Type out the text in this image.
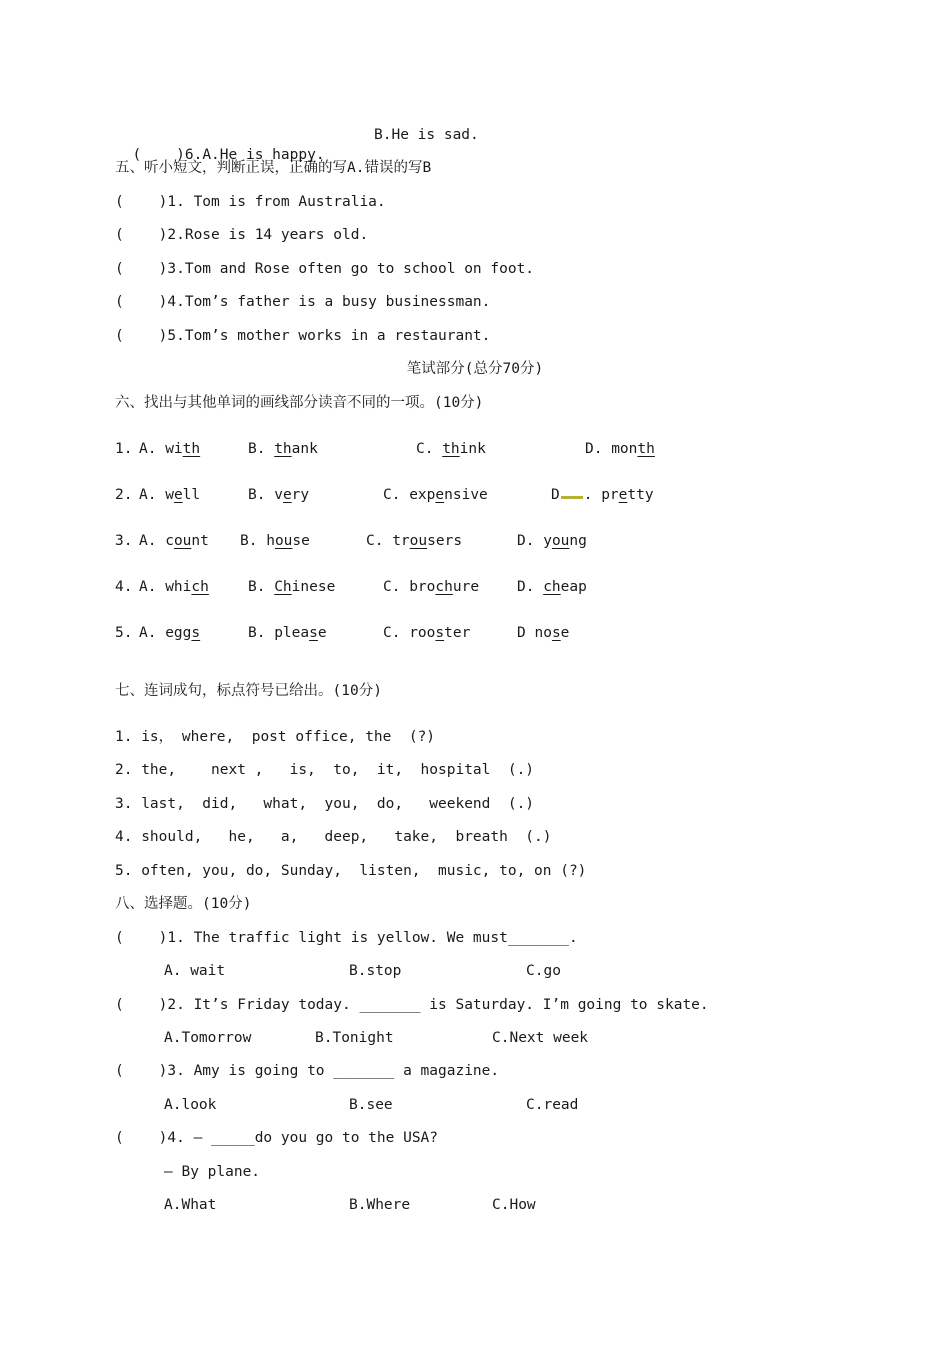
(    )6.A.He is happy.

B.He is sad.
五、听小短文，判断正误，正确的写A.错误的写B
(    )1. Tom is from Australia.
(    )2.Rose is 14 years old.
(    )3.Tom and Rose often go to school on foot.
(    )4.Tom’s father is a busy businessman.
(    )5.Tom’s mother works in a restaurant.
笔试部分(总分70分)
六、找出与其他单词的画线部分读音不同的一项。(10分)
1. A. with	B. thank	C. think	D. month
2. A. well	B. very	C. expensive	D . pretty
3. A. count B. house	C. trousers	D. young
4. A. which	B. Chinese	C. brochure	D. cheap
5. A. eggs	B. please	C. rooster	D nose
七、连词成句，标点符号已给出。(10分)
1. is， where,  post office, the  (?)
2. the,    next ,   is,  to,  it,  hospital  (.)
3. last,  did,   what,  you,  do,   weekend  (.)
4. should,   he,   a,   deep,   take,  breath  (.)
5. often, you, do, Sunday,  listen,  music, to, on (?)
八、选择题。(10分)
(    )1. The traffic light is yellow. We must_______.
A. wait	B.stop	C.go
(    )2. It’s Friday today. _______ is Saturday. I’m going to skate.
A.Tomorrow	B.Tonight	C.Next week
(    )3. Amy is going to _______ a magazine.
A.look	B.see	C.read
(    )4. — _____do you go to the USA?
— By plane.
A.What	B.Where	C.How
